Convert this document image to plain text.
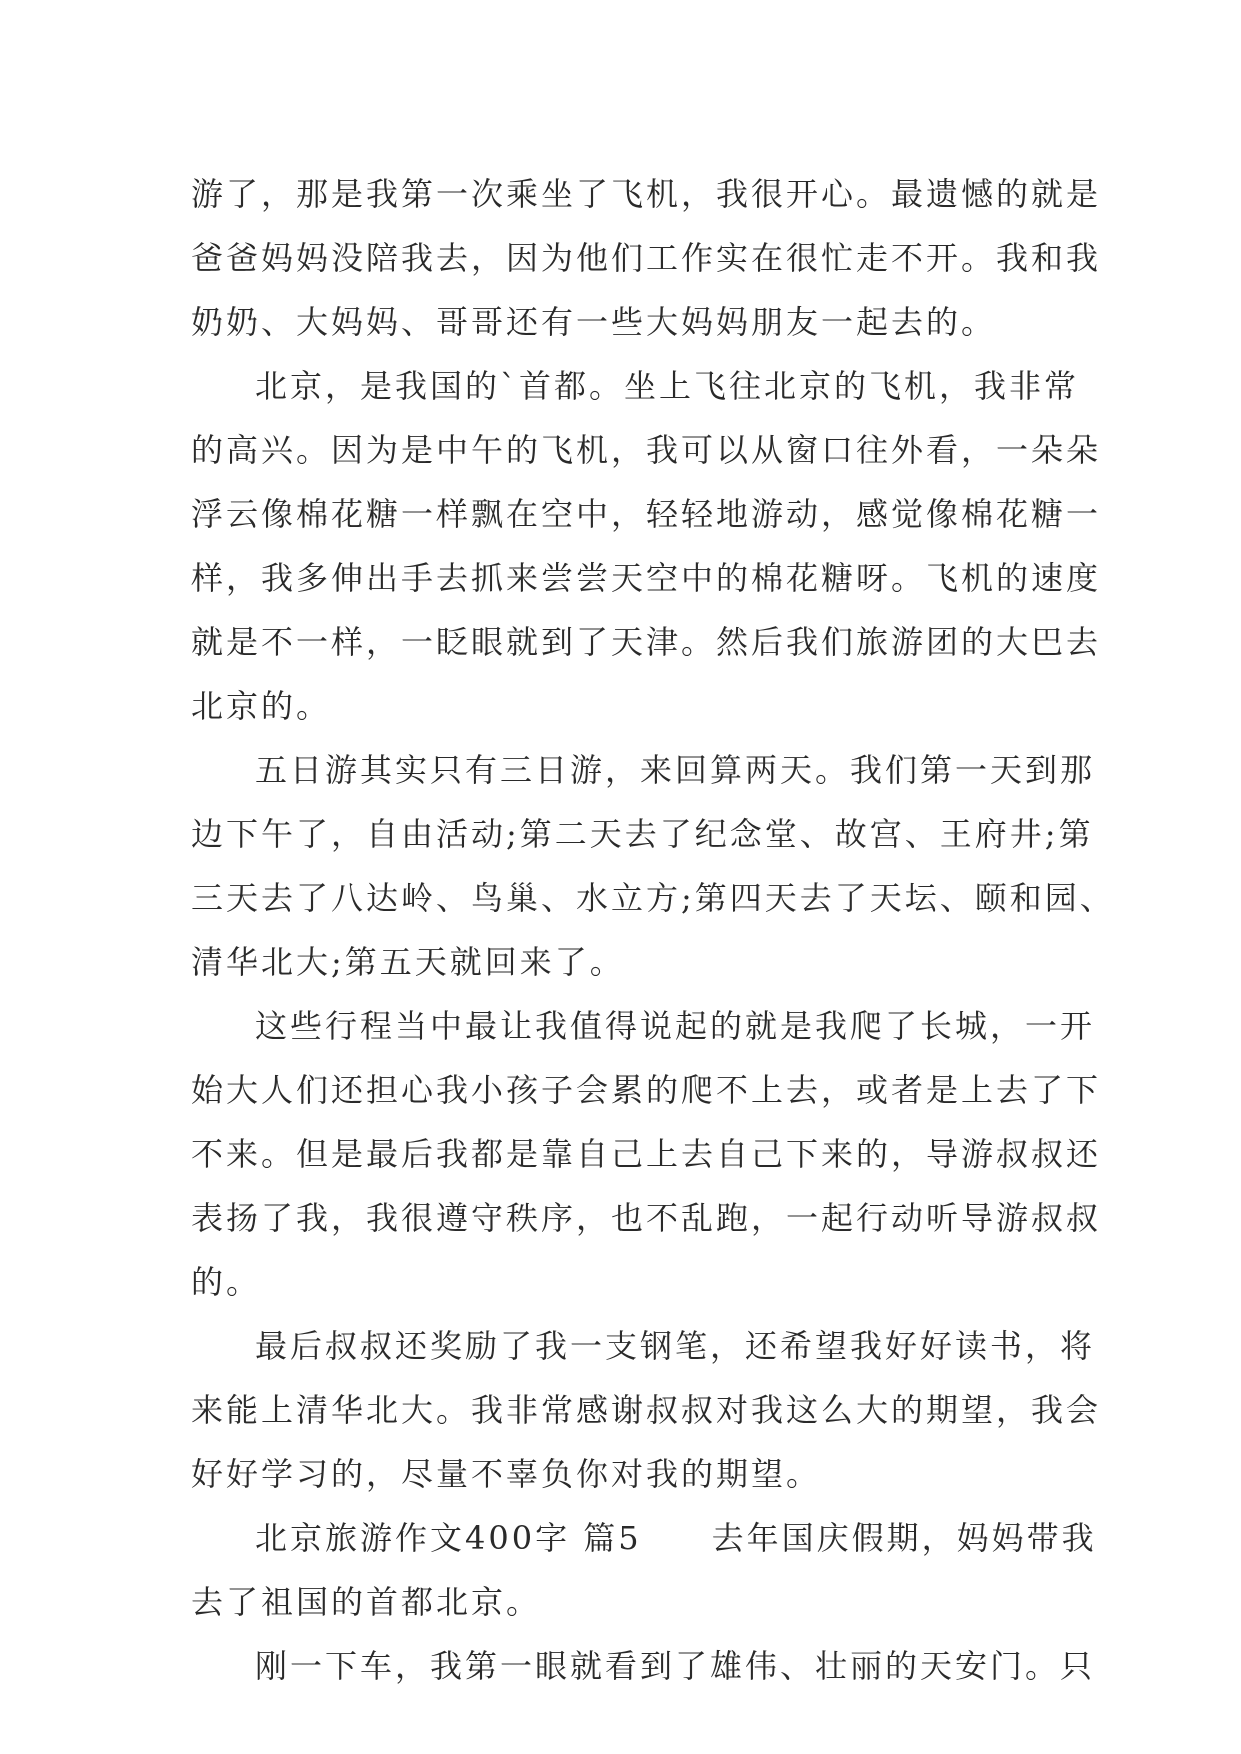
游了，那是我第一次乘坐了飞机，我很开心。最遗憾的就是
爸爸妈妈没陪我去，因为他们工作实在很忙走不开。我和我
奶奶、大妈妈、哥哥还有一些大妈妈朋友一起去的。
北京，是我国的`首都。坐上飞往北京的飞机，我非常
的高兴。因为是中午的飞机，我可以从窗口往外看，一朵朵
浮云像棉花糖一样飘在空中，轻轻地游动，感觉像棉花糖一
样，我多伸出手去抓来尝尝天空中的棉花糖呀。飞机的速度
就是不一样，一眨眼就到了天津。然后我们旅游团的大巴去
北京的。
五日游其实只有三日游，来回算两天。我们第一天到那
边下午了，自由活动;第二天去了纪念堂、故宫、王府井;第
三天去了八达岭、鸟巢、水立方;第四天去了天坛、颐和园、
清华北大;第五天就回来了。
这些行程当中最让我值得说起的就是我爬了长城，一开
始大人们还担心我小孩子会累的爬不上去，或者是上去了下
不来。但是最后我都是靠自己上去自己下来的，导游叔叔还
表扬了我，我很遵守秩序，也不乱跑，一起行动听导游叔叔
的。
最后叔叔还奖励了我一支钢笔，还希望我好好读书，将
来能上清华北大。我非常感谢叔叔对我这么大的期望，我会
好好学习的，尽量不辜负你对我的期望。
北京旅游作文400字 篇5 去年国庆假期，妈妈带我
去了祖国的首都北京。
刚一下车，我第一眼就看到了雄伟、壮丽的天安门。只
